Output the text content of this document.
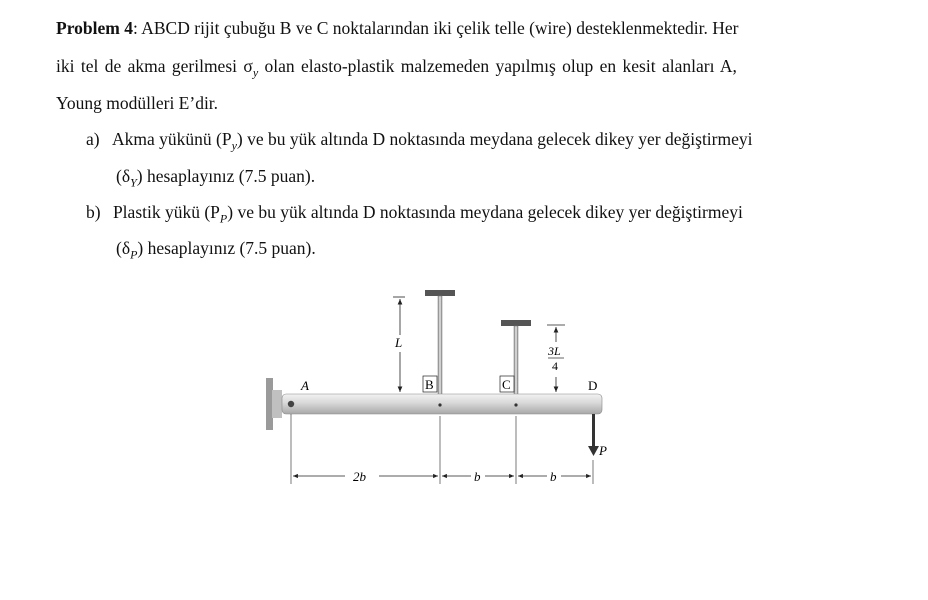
Problem 4: ABCD rijit çubuğu B ve C noktalarından iki çelik telle (wire) desteklenmektedir. Her
iki tel de akma gerilmesi $\sigma_y$ olan elasto-plastik malzemeden yapılmış olup en kesit alanları A,
Young modülleri E’dir.
a) Akma yükünü $(P_y)$ ve bu yük altında D noktasında meydana gelecek dikey yer değiştirmeyi
$(\delta_Y)$ hesaplayınız (7.5 puan).
b) Plastik yükü $(P_P)$ ve bu yük altında D noktasında meydana gelecek dikey yer değiştirmeyi
$(\delta_P)$ hesaplayınız (7.5 puan).
A	B	C	D
L
3L
4
P
2b	b	b
